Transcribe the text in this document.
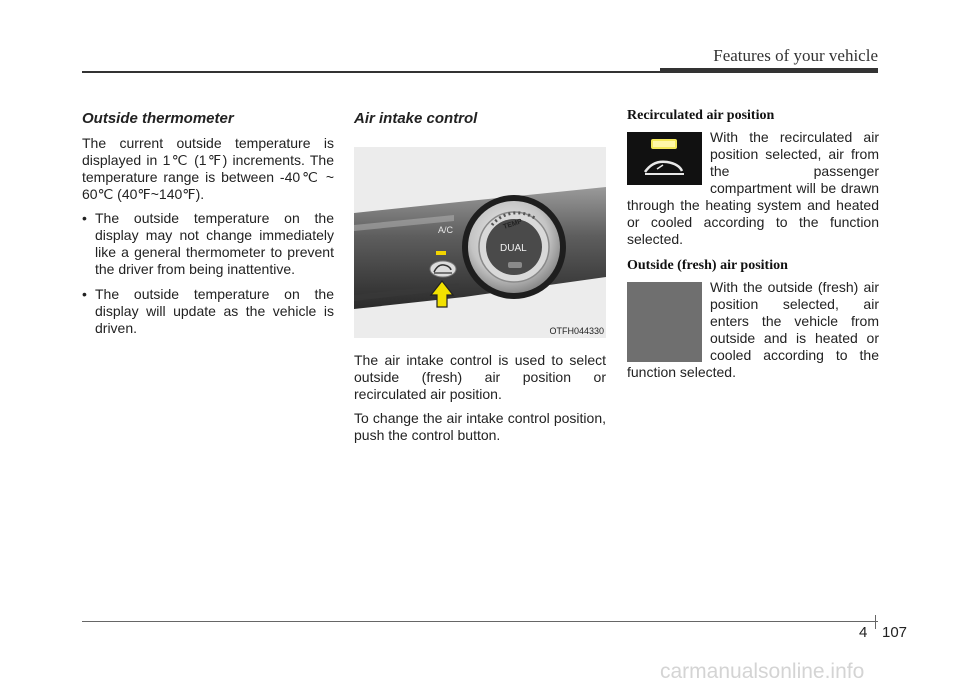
Features of your vehicle
Outside thermometer

The current outside temperature is displayed in 1℃ (1℉) increments. The temperature range is between -40℃ ~ 60℃ (40℉~140℉).

• The outside temperature on the display may not change immediately like a general thermometer to prevent the driver from being inattentive.
• The outside temperature on the display will update as the vehicle is driven.
Air intake control
A/C	TEMP
DUAL
OTFH044330

The air intake control is used to select outside (fresh) air position or recirculated air position.

To change the air intake control position, push the control button.

Recirculated air position

With the recirculated air position selected, air from the passenger compartment will be drawn through the heating system and heated or cooled according to the function selected.

Outside (fresh) air position

With the outside (fresh) air position selected, air enters the vehicle from outside and is heated or cooled according to the function selected.

4 107
carmanualsonline.info
